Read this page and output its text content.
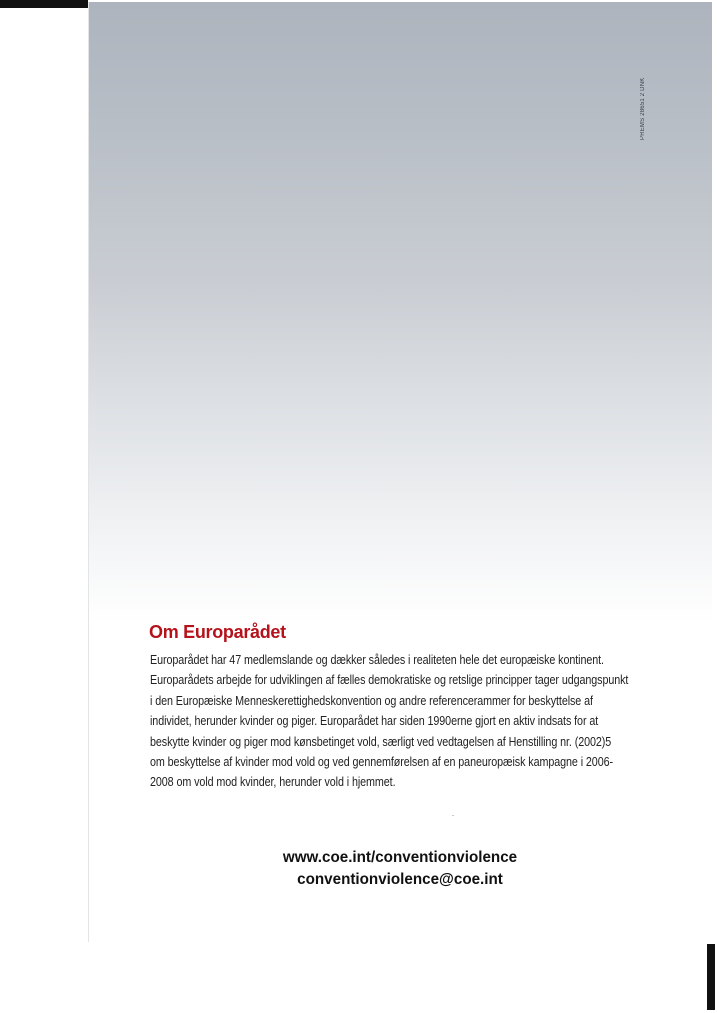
PREMS 28651 2 DNK
Om Europarådet

Europarådet har 47 medlemslande og dækker således i realiteten hele det europæiske kontinent.
Europarådets arbejde for udviklingen af fælles demokratiske og retslige principper tager udgangspunkt
i den Europæiske Menneskerettighedskonvention og andre referencerammer for beskyttelse af
individet, herunder kvinder og piger. Europarådet har siden 1990erne gjort en aktiv indsats for at
beskytte kvinder og piger mod kønsbetinget vold, særligt ved vedtagelsen af Henstilling nr. (2002)5
om beskyttelse af kvinder mod vold og ved gennemførelsen af en paneuropæisk kampagne i 2006-
2008 om vold mod kvinder, herunder vold i hjemmet.

www.coe.int/conventionviolence
conventionviolence@coe.int
